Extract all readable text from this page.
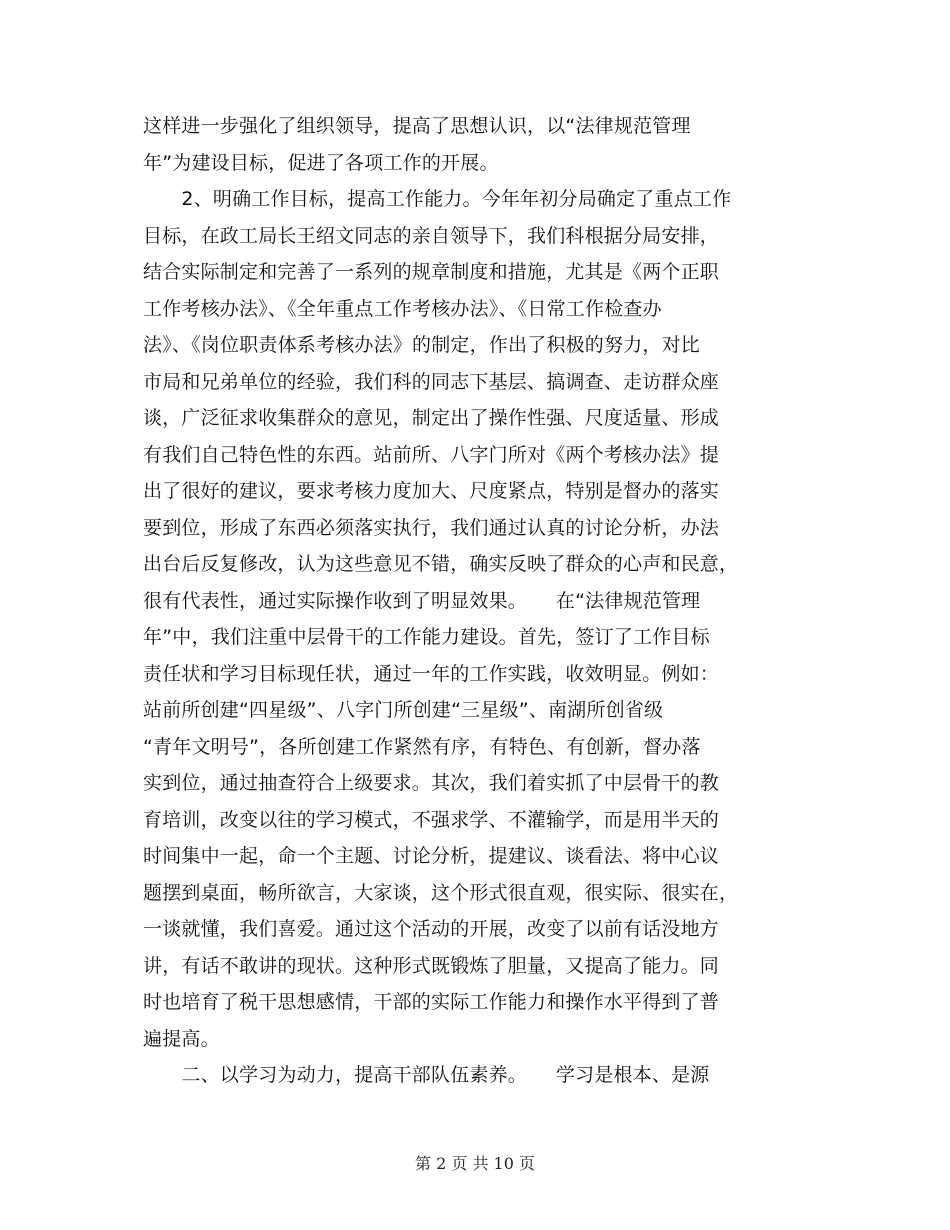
这样进一步强化了组织领导，提高了思想认识，以“法律规范管理
年”为建设目标，促进了各项工作的开展。
　　2、明确工作目标，提高工作能力。今年年初分局确定了重点工作
目标，在政工局长王绍文同志的亲自领导下，我们科根据分局安排，
结合实际制定和完善了一系列的规章制度和措施，尤其是《两个正职
工作考核办法》、《全年重点工作考核办法》、《日常工作检查办
法》、《岗位职责体系考核办法》的制定，作出了积极的努力，对比
市局和兄弟单位的经验，我们科的同志下基层、搞调查、走访群众座
谈，广泛征求收集群众的意见，制定出了操作性强、尺度适量、形成
有我们自己特色性的东西。站前所、八字门所对《两个考核办法》提
出了很好的建议，要求考核力度加大、尺度紧点，特别是督办的落实
要到位，形成了东西必须落实执行，我们通过认真的讨论分析，办法
出台后反复修改，认为这些意见不错，确实反映了群众的心声和民意，
很有代表性，通过实际操作收到了明显效果。　　在“法律规范管理
年”中，我们注重中层骨干的工作能力建设。首先，签订了工作目标
责任状和学习目标现任状，通过一年的工作实践，收效明显。例如：
站前所创建“四星级”、八字门所创建“三星级”、南湖所创省级
“青年文明号”，各所创建工作紧然有序，有特色、有创新，督办落
实到位，通过抽查符合上级要求。其次，我们着实抓了中层骨干的教
育培训，改变以往的学习模式，不强求学、不灌输学，而是用半天的
时间集中一起，命一个主题、讨论分析，提建议、谈看法、将中心议
题摆到桌面，畅所欲言，大家谈，这个形式很直观，很实际、很实在，
一谈就懂，我们喜爱。通过这个活动的开展，改变了以前有话没地方
讲，有话不敢讲的现状。这种形式既锻炼了胆量，又提高了能力。同
时也培育了税干思想感情，干部的实际工作能力和操作水平得到了普
遍提高。
　　二、以学习为动力，提高干部队伍素养。　　学习是根本、是源
第 2 页 共 10 页
